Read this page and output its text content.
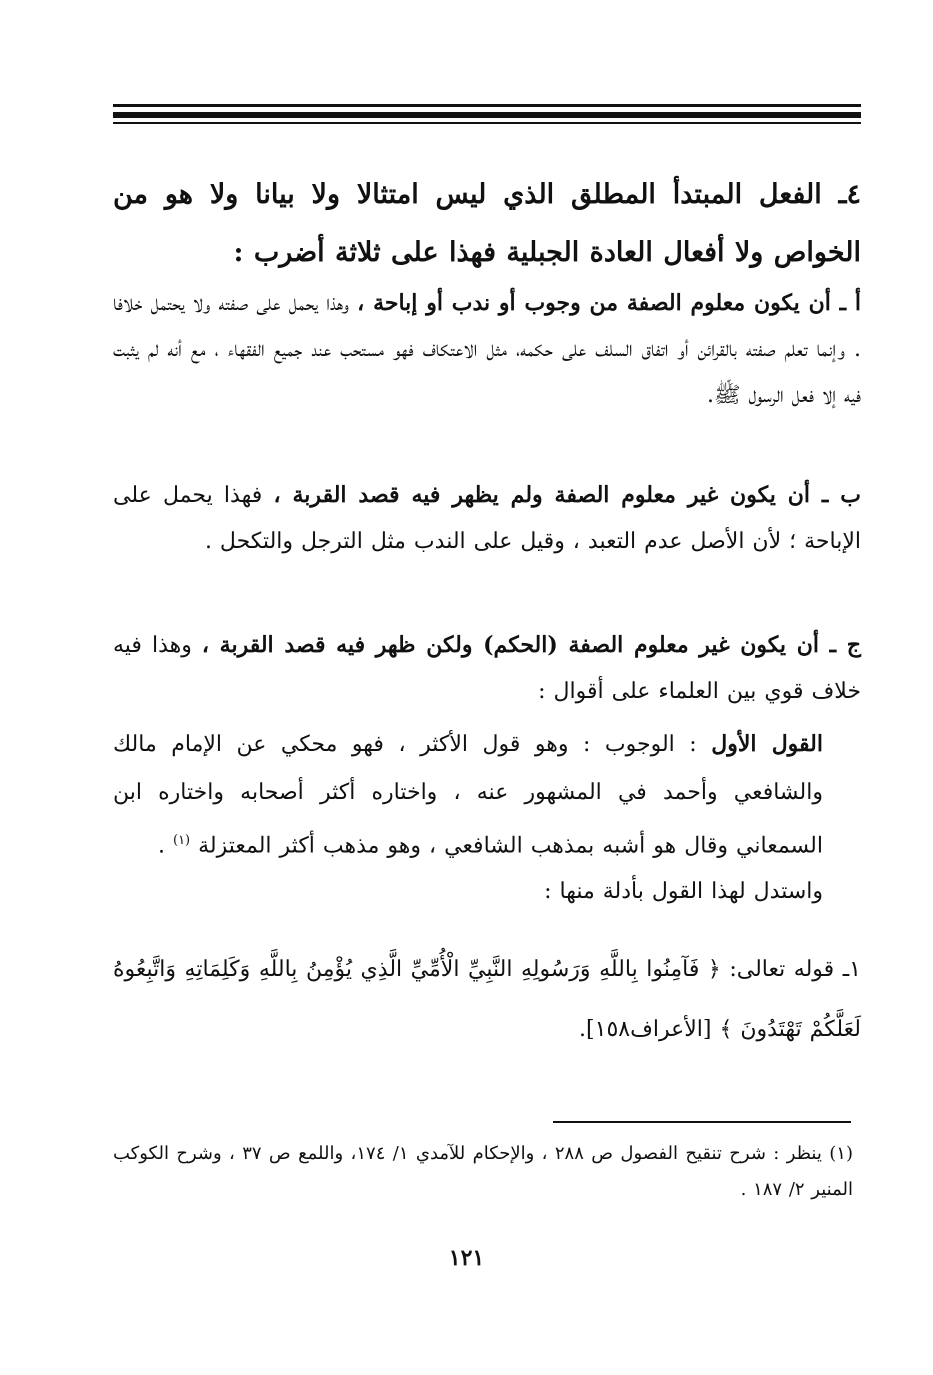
٤ـ الفعل المبتدأ المطلق الذي ليس امتثالا ولا بيانا ولا هو من الخواص ولا أفعال العادة الجبلية فهذا على ثلاثة أضرب :
أ ـ أن يكون معلوم الصفة من وجوب أو ندب أو إباحة ، وهذا يحمل على صفته ولا يحتمل خلافا . وإنما تعلم صفته بالقرائن أو اتفاق السلف على حكمه، مثل الاعتكاف فهو مستحب عند جميع الفقهاء ، مع أنه لم يثبت فيه إلا فعل الرسول ﷺ.
ب ـ أن يكون غير معلوم الصفة ولم يظهر فيه قصد القربة ، فهذا يحمل على الإباحة ؛ لأن الأصل عدم التعبد ، وقيل على الندب مثل الترجل والتكحل .
ج ـ أن يكون غير معلوم الصفة (الحكم) ولكن ظهر فيه قصد القربة ، وهذا فيه خلاف قوي بين العلماء على أقوال :
القول الأول : الوجوب : وهو قول الأكثر ، فهو محكي عن الإمام مالك والشافعي وأحمد في المشهور عنه ، واختاره أكثر أصحابه واختاره ابن السمعاني وقال هو أشبه بمذهب الشافعي ، وهو مذهب أكثر المعتزلة $^{(١)}$ .
واستدل لهذا القول بأدلة منها :
١ـ قوله تعالى: ﴿ فَآمِنُوا بِاللَّهِ وَرَسُولِهِ النَّبِيِّ الْأُمِّيِّ الَّذِي يُؤْمِنُ بِاللَّهِ وَكَلِمَاتِهِ وَاتَّبِعُوهُ لَعَلَّكُمْ تَهْتَدُونَ ﴾ [الأعراف١٥٨].
(١) ينظر : شرح تنقيح الفصول ص ٢٨٨ ، والإحكام للآمدي ١/ ١٧٤، واللمع ص ٣٧ ، وشرح الكوكب المنير ٢/ ١٨٧ .
١٢١
